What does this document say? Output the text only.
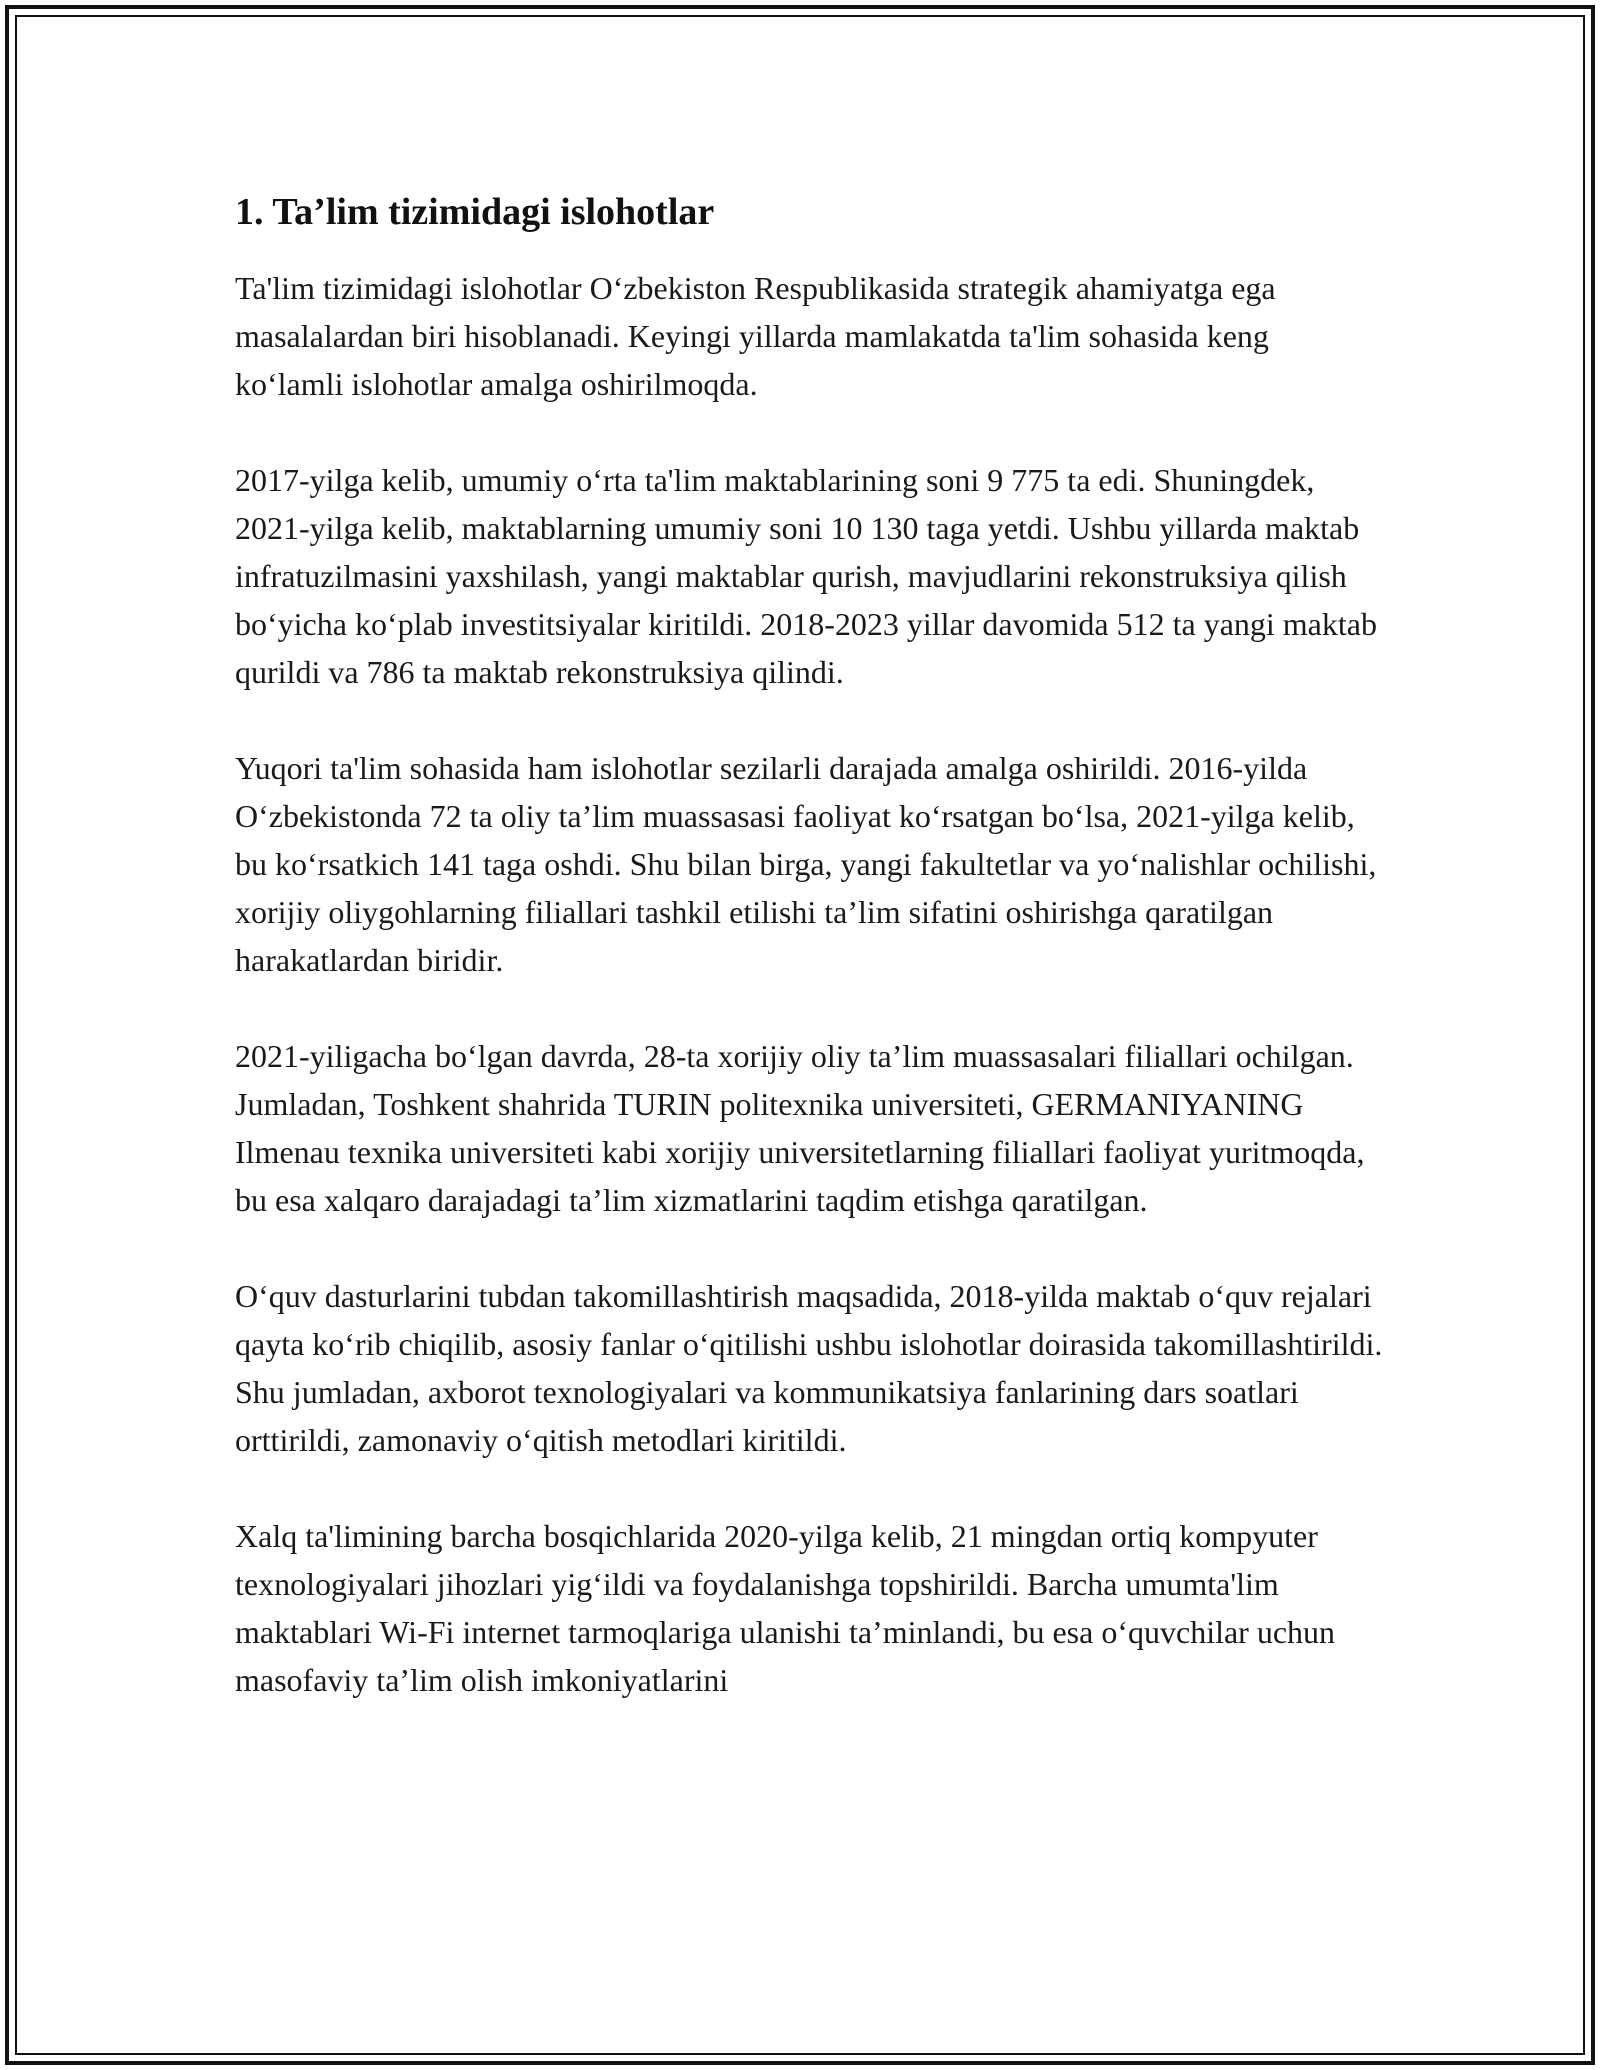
1. Ta’lim tizimidagi islohotlar

Ta'lim tizimidagi islohotlar O‘zbekiston Respublikasida strategik ahamiyatga ega masalalardan biri hisoblanadi. Keyingi yillarda mamlakatda ta'lim sohasida keng ko‘lamli islohotlar amalga oshirilmoqda.

2017-yilga kelib, umumiy o‘rta ta'lim maktablarining soni 9 775 ta edi. Shuningdek, 2021-yilga kelib, maktablarning umumiy soni 10 130 taga yetdi. Ushbu yillarda maktab infratuzilmasini yaxshilash, yangi maktablar qurish, mavjudlarini rekonstruksiya qilish bo‘yicha ko‘plab investitsiyalar kiritildi. 2018-2023 yillar davomida 512 ta yangi maktab qurildi va 786 ta maktab rekonstruksiya qilindi.

Yuqori ta'lim sohasida ham islohotlar sezilarli darajada amalga oshirildi. 2016-yilda O‘zbekistonda 72 ta oliy ta’lim muassasasi faoliyat ko‘rsatgan bo‘lsa, 2021-yilga kelib, bu ko‘rsatkich 141 taga oshdi. Shu bilan birga, yangi fakultetlar va yo‘nalishlar ochilishi, xorijiy oliygohlarning filiallari tashkil etilishi ta’lim sifatini oshirishga qaratilgan harakatlardan biridir.

2021-yiligacha bo‘lgan davrda, 28-ta xorijiy oliy ta’lim muassasalari filiallari ochilgan. Jumladan, Toshkent shahrida TURIN politexnika universiteti, GERMANIYANING Ilmenau texnika universiteti kabi xorijiy universitetlarning filiallari faoliyat yuritmoqda, bu esa xalqaro darajadagi ta’lim xizmatlarini taqdim etishga qaratilgan.

O‘quv dasturlarini tubdan takomillashtirish maqsadida, 2018-yilda maktab o‘quv rejalari qayta ko‘rib chiqilib, asosiy fanlar o‘qitilishi ushbu islohotlar doirasida takomillashtirildi. Shu jumladan, axborot texnologiyalari va kommunikatsiya fanlarining dars soatlari orttirildi, zamonaviy o‘qitish metodlari kiritildi.

Xalq ta'limining barcha bosqichlarida 2020-yilga kelib, 21 mingdan ortiq kompyuter texnologiyalari jihozlari yig‘ildi va foydalanishga topshirildi. Barcha umumta'lim maktablari Wi-Fi internet tarmoqlariga ulanishi ta’minlandi, bu esa o‘quvchilar uchun masofaviy ta’lim olish imkoniyatlarini
